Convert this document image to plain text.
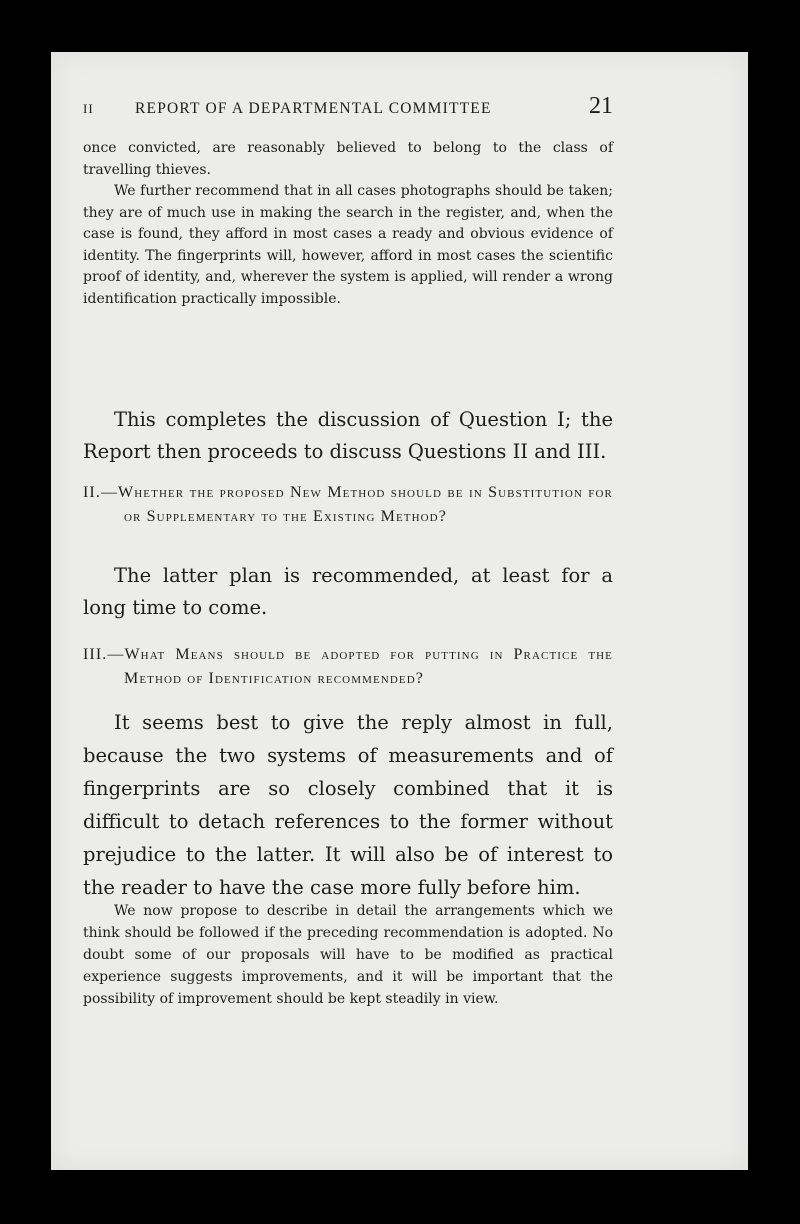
II	REPORT OF A DEPARTMENTAL COMMITTEE	21

once convicted, are reasonably believed to belong to the class of travelling thieves.

We further recommend that in all cases photographs should be taken; they are of much use in making the search in the register, and, when the case is found, they afford in most cases a ready and obvious evidence of identity. The fingerprints will, however, afford in most cases the scientific proof of identity, and, wherever the system is applied, will render a wrong identification practically impossible.

This completes the discussion of Question I; the Report then proceeds to discuss Questions II and III.

II.—Whether the proposed New Method should be in Substitution for or Supplementary to the Existing Method?

The latter plan is recommended, at least for a long time to come.

III.—What Means should be adopted for putting in Practice the Method of Identification recommended?

It seems best to give the reply almost in full, because the two systems of measurements and of fingerprints are so closely combined that it is difficult to detach references to the former without prejudice to the latter. It will also be of interest to the reader to have the case more fully before him.

We now propose to describe in detail the arrangements which we think should be followed if the preceding recommendation is adopted. No doubt some of our proposals will have to be modified as practical experience suggests improvements, and it will be important that the possibility of improvement should be kept steadily in view.
